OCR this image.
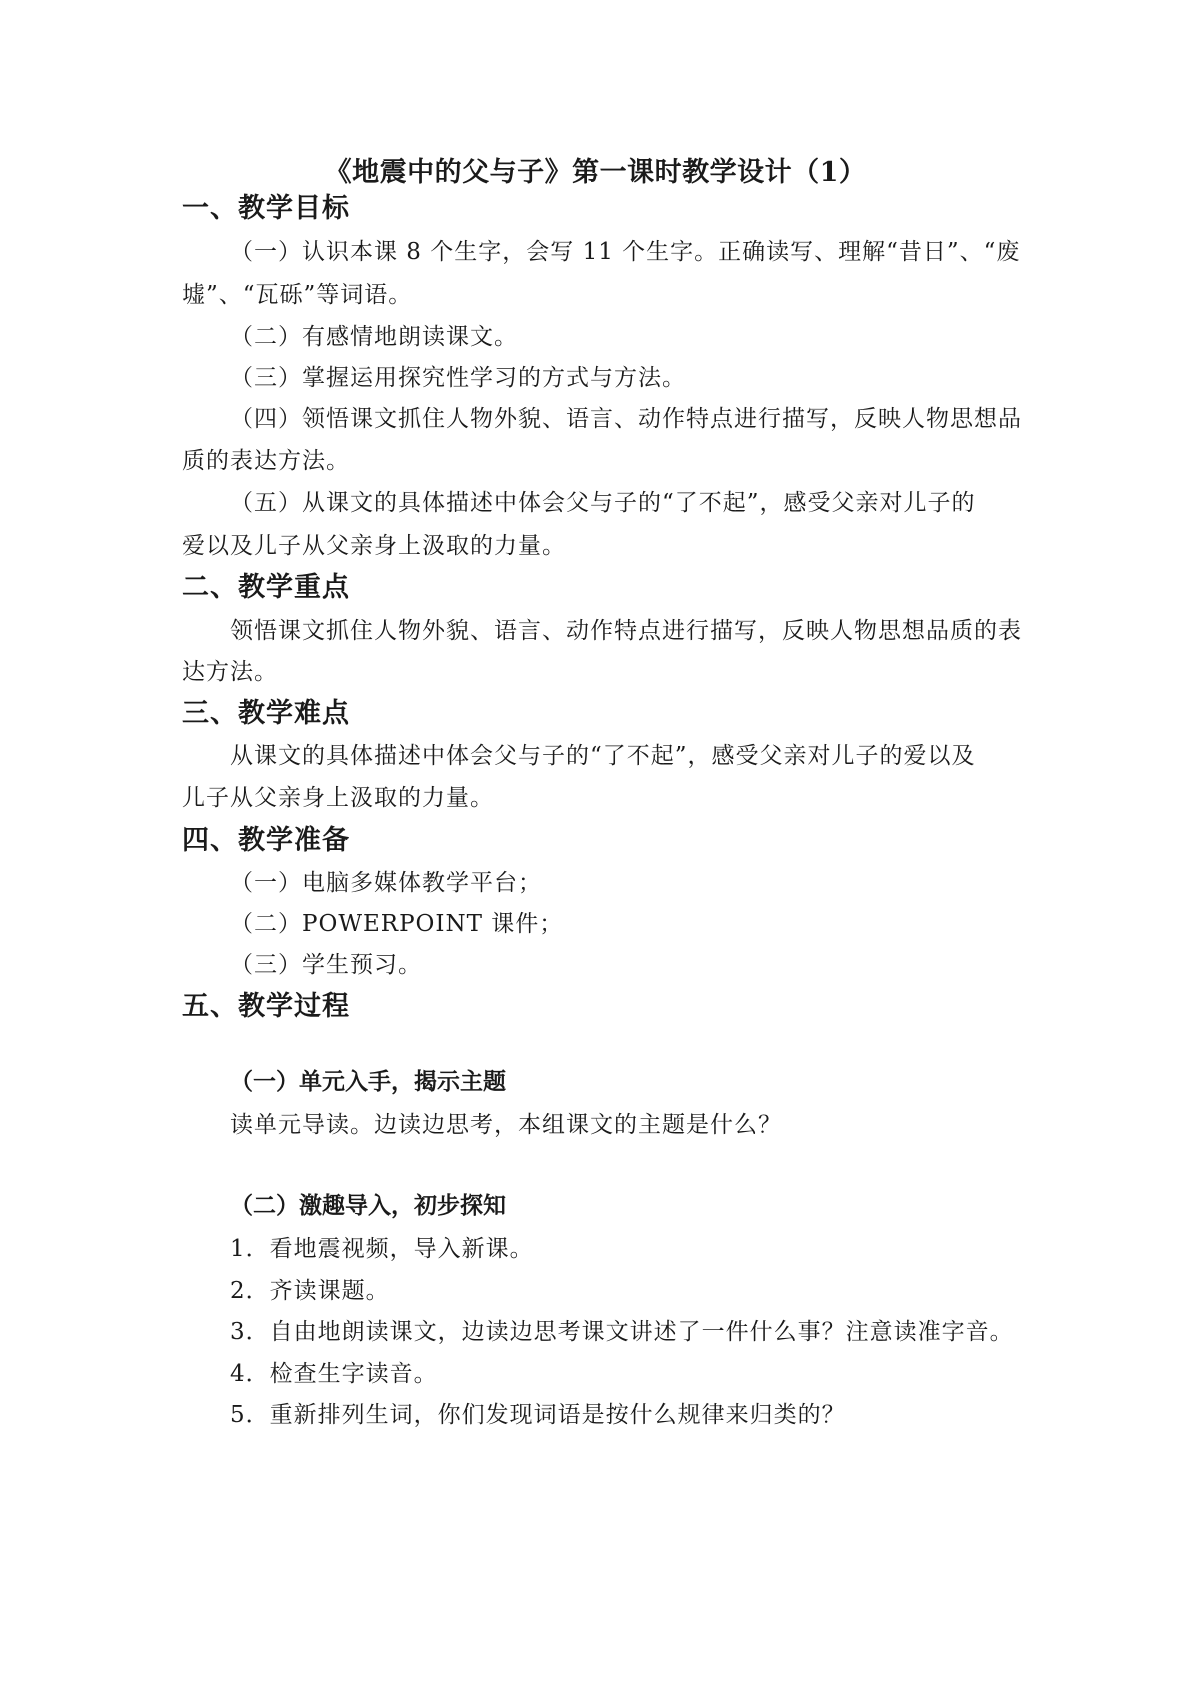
《地震中的父与子》第一课时教学设计（1）
一、教学目标
（一）认识本课 8 个生字，会写 11 个生字。正确读写、理解“昔日”、“废
墟”、“瓦砾”等词语。
（二）有感情地朗读课文。
（三）掌握运用探究性学习的方式与方法。
（四）领悟课文抓住人物外貌、语言、动作特点进行描写，反映人物思想品
质的表达方法。
（五）从课文的具体描述中体会父与子的“了不起”，感受父亲对儿子的
爱以及儿子从父亲身上汲取的力量。
二、教学重点
领悟课文抓住人物外貌、语言、动作特点进行描写，反映人物思想品质的表
达方法。
三、教学难点
从课文的具体描述中体会父与子的“了不起”，感受父亲对儿子的爱以及
儿子从父亲身上汲取的力量。
四、教学准备
（一）电脑多媒体教学平台；
（二）POWERPOINT 课件；
（三）学生预习。
五、教学过程
（一）单元入手，揭示主题
读单元导读。边读边思考，本组课文的主题是什么？
（二）激趣导入，初步探知
1．看地震视频，导入新课。
2．齐读课题。
3．自由地朗读课文，边读边思考课文讲述了一件什么事？注意读准字音。
4．检查生字读音。
5．重新排列生词，你们发现词语是按什么规律来归类的？
